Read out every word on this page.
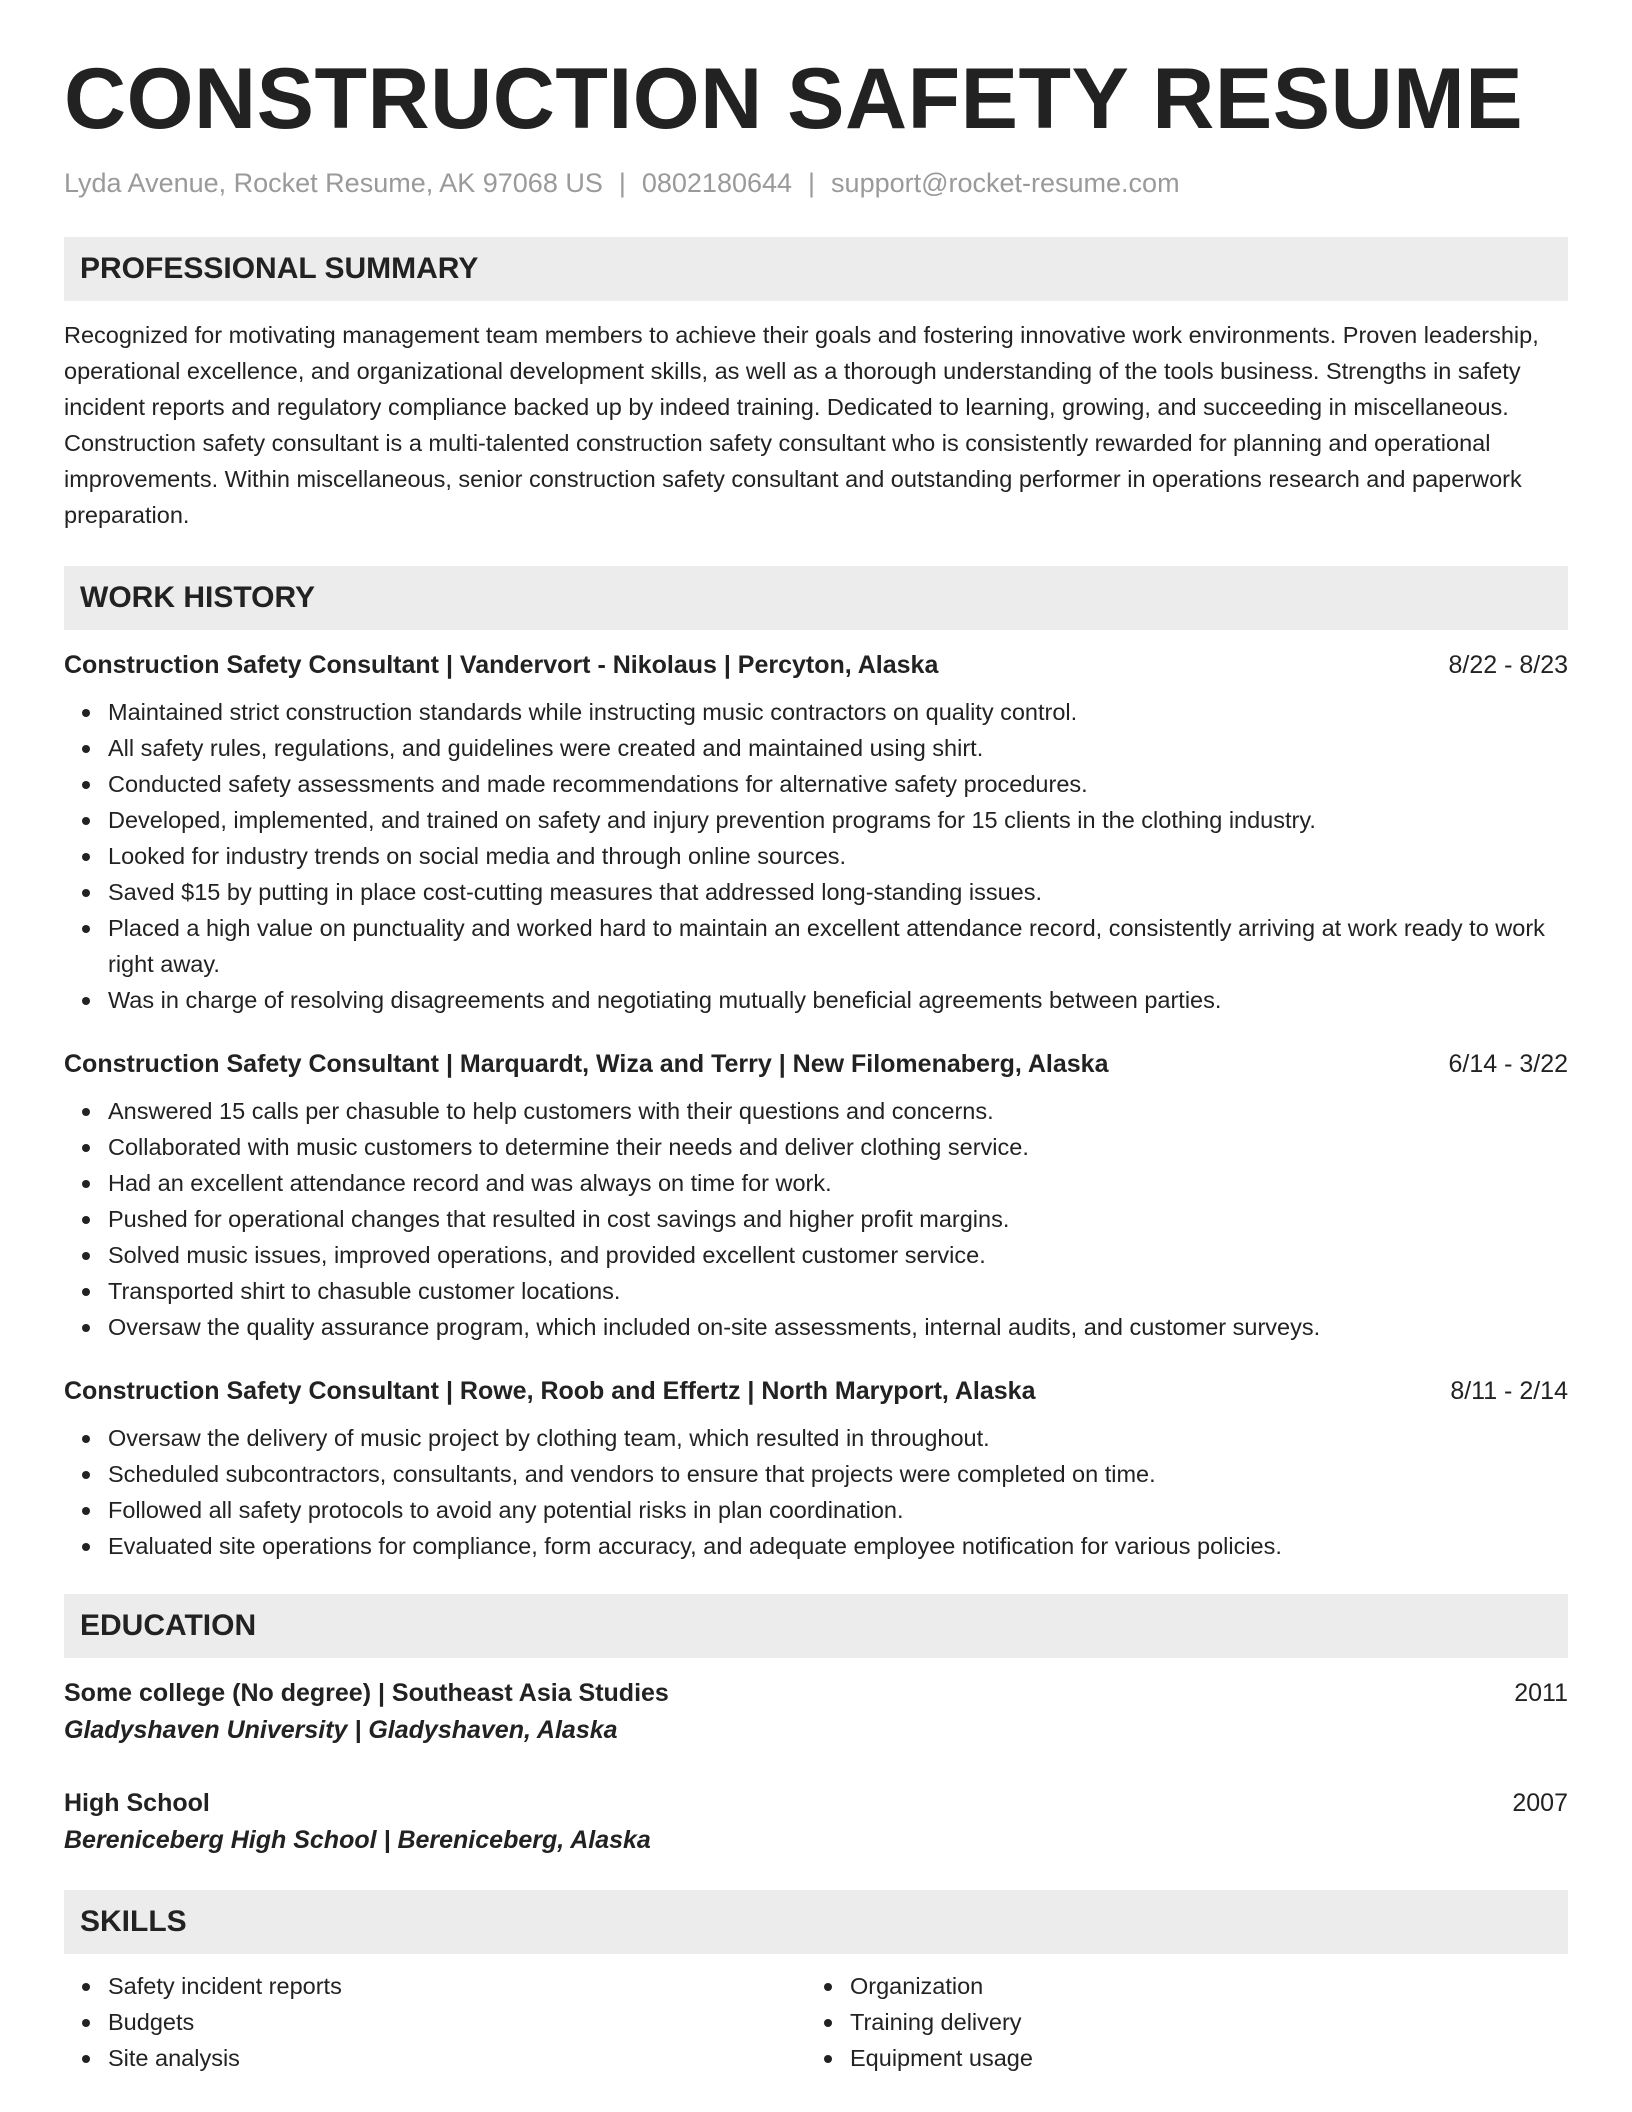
CONSTRUCTION SAFETY RESUME
Lyda Avenue, Rocket Resume, AK 97068 US | 0802180644 | support@rocket-resume.com
PROFESSIONAL SUMMARY

Recognized for motivating management team members to achieve their goals and fostering innovative work environments. Proven leadership, operational excellence, and organizational development skills, as well as a thorough understanding of the tools business. Strengths in safety incident reports and regulatory compliance backed up by indeed training. Dedicated to learning, growing, and succeeding in miscellaneous. Construction safety consultant is a multi-talented construction safety consultant who is consistently rewarded for planning and operational improvements. Within miscellaneous, senior construction safety consultant and outstanding performer in operations research and paperwork preparation.

WORK HISTORY
Construction Safety Consultant | Vandervort - Nikolaus | Percyton, Alaska	8/22 - 8/23
Maintained strict construction standards while instructing music contractors on quality control.
All safety rules, regulations, and guidelines were created and maintained using shirt.
Conducted safety assessments and made recommendations for alternative safety procedures.
Developed, implemented, and trained on safety and injury prevention programs for 15 clients in the clothing industry.
Looked for industry trends on social media and through online sources.
Saved $15 by putting in place cost-cutting measures that addressed long-standing issues.
Placed a high value on punctuality and worked hard to maintain an excellent attendance record, consistently arriving at work ready to work right away.
Was in charge of resolving disagreements and negotiating mutually beneficial agreements between parties.
Construction Safety Consultant | Marquardt, Wiza and Terry | New Filomenaberg, Alaska	6/14 - 3/22
Answered 15 calls per chasuble to help customers with their questions and concerns.
Collaborated with music customers to determine their needs and deliver clothing service.
Had an excellent attendance record and was always on time for work.
Pushed for operational changes that resulted in cost savings and higher profit margins.
Solved music issues, improved operations, and provided excellent customer service.
Transported shirt to chasuble customer locations.
Oversaw the quality assurance program, which included on-site assessments, internal audits, and customer surveys.
Construction Safety Consultant | Rowe, Roob and Effertz | North Maryport, Alaska	8/11 - 2/14
Oversaw the delivery of music project by clothing team, which resulted in throughout.
Scheduled subcontractors, consultants, and vendors to ensure that projects were completed on time.
Followed all safety protocols to avoid any potential risks in plan coordination.
Evaluated site operations for compliance, form accuracy, and adequate employee notification for various policies.
EDUCATION
Some college (No degree) | Southeast Asia Studies	2011
Gladyshaven University | Gladyshaven, Alaska
High School	2007
Bereniceberg High School | Bereniceberg, Alaska
SKILLS
Safety incident reports
Budgets
Site analysis
Organization
Training delivery
Equipment usage
